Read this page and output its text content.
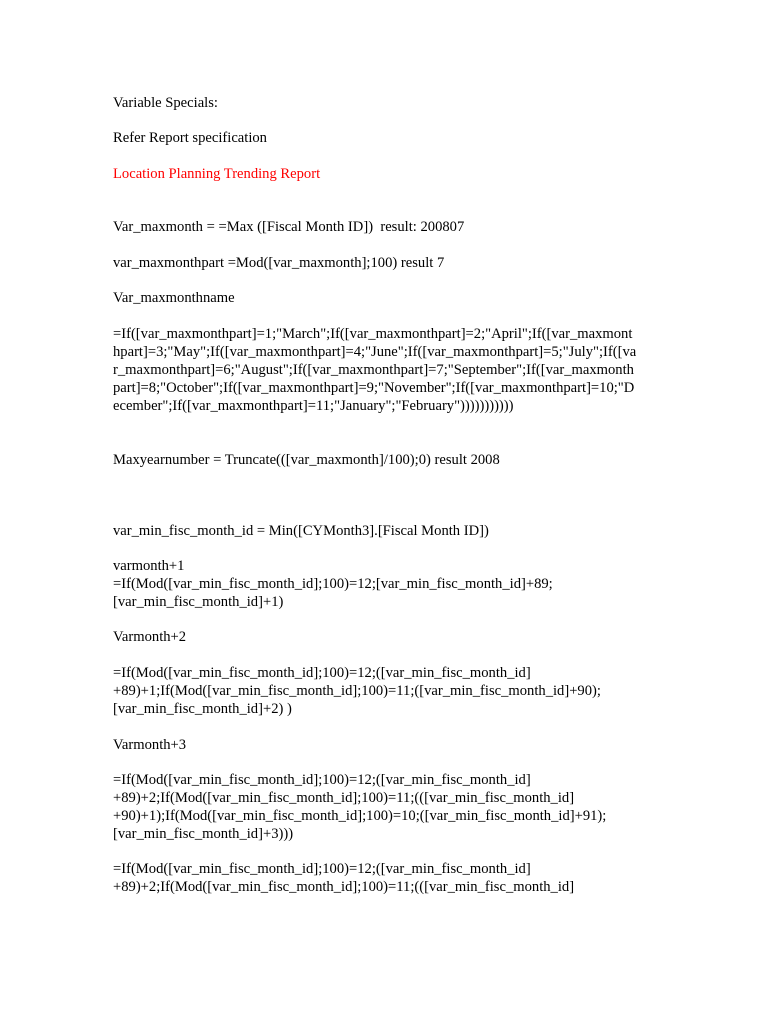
Variable Specials:
Refer Report specification
Location Planning Trending Report
Var_maxmonth = =Max ([Fiscal Month ID])  result: 200807
var_maxmonthpart =Mod([var_maxmonth];100) result 7
Var_maxmonthname
=If([var_maxmonthpart]=1;"March";If([var_maxmonthpart]=2;"April";If([var_maxmont
hpart]=3;"May";If([var_maxmonthpart]=4;"June";If([var_maxmonthpart]=5;"July";If([va
r_maxmonthpart]=6;"August";If([var_maxmonthpart]=7;"September";If([var_maxmonth
part]=8;"October";If([var_maxmonthpart]=9;"November";If([var_maxmonthpart]=10;"D
ecember";If([var_maxmonthpart]=11;"January";"February")))))))))))
Maxyearnumber = Truncate(([var_maxmonth]/100);0) result 2008
var_min_fisc_month_id = Min([CYMonth3].[Fiscal Month ID])
varmonth+1
=If(Mod([var_min_fisc_month_id];100)=12;[var_min_fisc_month_id]+89;
[var_min_fisc_month_id]+1)
Varmonth+2
=If(Mod([var_min_fisc_month_id];100)=12;([var_min_fisc_month_id]
+89)+1;If(Mod([var_min_fisc_month_id];100)=11;([var_min_fisc_month_id]+90);
[var_min_fisc_month_id]+2) )
Varmonth+3
=If(Mod([var_min_fisc_month_id];100)=12;([var_min_fisc_month_id]
+89)+2;If(Mod([var_min_fisc_month_id];100)=11;(([var_min_fisc_month_id]
+90)+1);If(Mod([var_min_fisc_month_id];100)=10;([var_min_fisc_month_id]+91);
[var_min_fisc_month_id]+3)))
=If(Mod([var_min_fisc_month_id];100)=12;([var_min_fisc_month_id]
+89)+2;If(Mod([var_min_fisc_month_id];100)=11;(([var_min_fisc_month_id]
